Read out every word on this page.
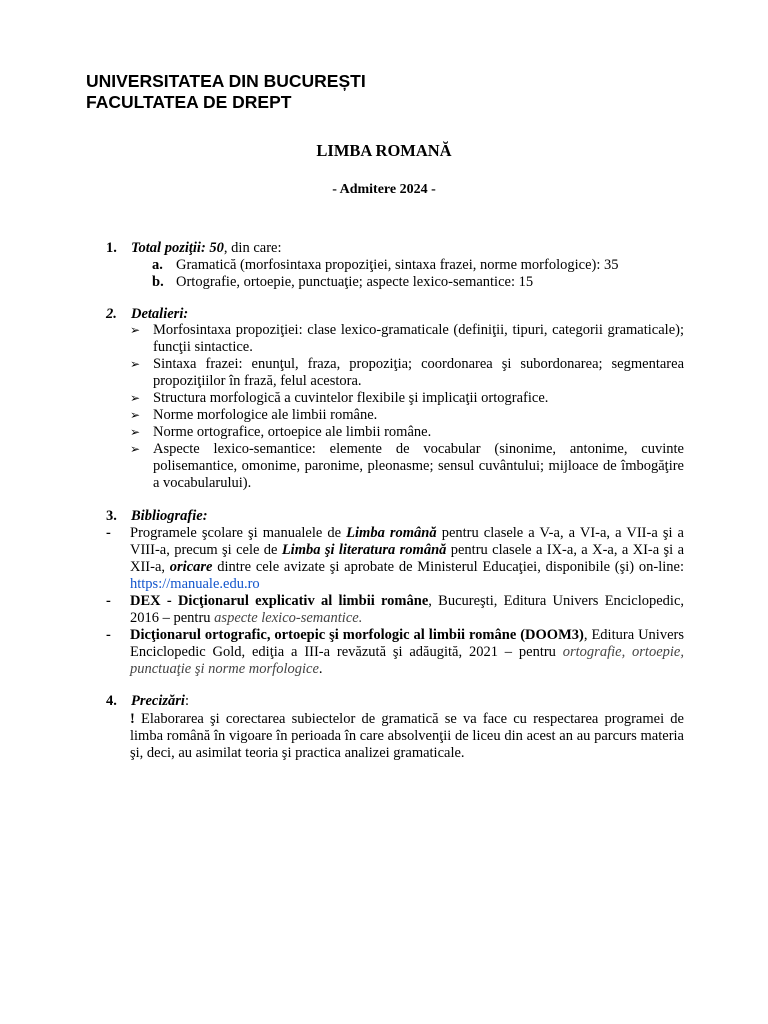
UNIVERSITATEA DIN BUCUREȘTI
FACULTATEA DE DREPT
LIMBA ROMANĂ
- Admitere 2024 -
1. Total poziţii: 50, din care:
a. Gramatică (morfosintaxa propoziţiei, sintaxa frazei, norme morfologice): 35
b. Ortografie, ortoepie, punctuaţie; aspecte lexico-semantice: 15
2. Detalieri:
➢ Morfosintaxa propoziţiei: clase lexico-gramaticale (definiţii, tipuri, categorii gramaticale); funcţii sintactice.
➢ Sintaxa frazei: enunţul, fraza, propoziţia; coordonarea şi subordonarea; segmentarea propoziţiilor în frază, felul acestora.
➢ Structura morfologică a cuvintelor flexibile şi implicaţii ortografice.
➢ Norme morfologice ale limbii române.
➢ Norme ortografice, ortoepice ale limbii române.
➢ Aspecte lexico-semantice: elemente de vocabular (sinonime, antonime, cuvinte polisemantice, omonime, paronime, pleonasme; sensul cuvântului; mijloace de îmbogăţire a vocabularului).
3. Bibliografie:
- Programele şcolare şi manualele de Limba română pentru clasele a V-a, a VI-a, a VII-a şi a VIII-a, precum şi cele de Limba şi literatura română pentru clasele a IX-a, a X-a, a XI-a şi a XII-a, oricare dintre cele avizate şi aprobate de Ministerul Educaţiei, disponibile (şi) on-line: https://manuale.edu.ro
- DEX - Dicţionarul explicativ al limbii române, Bucureşti, Editura Univers Enciclopedic, 2016 – pentru aspecte lexico-semantice.
- Dicţionarul ortografic, ortoepic şi morfologic al limbii române (DOOM3), Editura Univers Enciclopedic Gold, ediţia a III-a revăzută şi adăugită, 2021 – pentru ortografie, ortoepie, punctuaţie şi norme morfologice.
4. Precizări:
! Elaborarea şi corectarea subiectelor de gramatică se va face cu respectarea programei de limba română în vigoare în perioada în care absolvenţii de liceu din acest an au parcurs materia şi, deci, au asimilat teoria şi practica analizei gramaticale.
